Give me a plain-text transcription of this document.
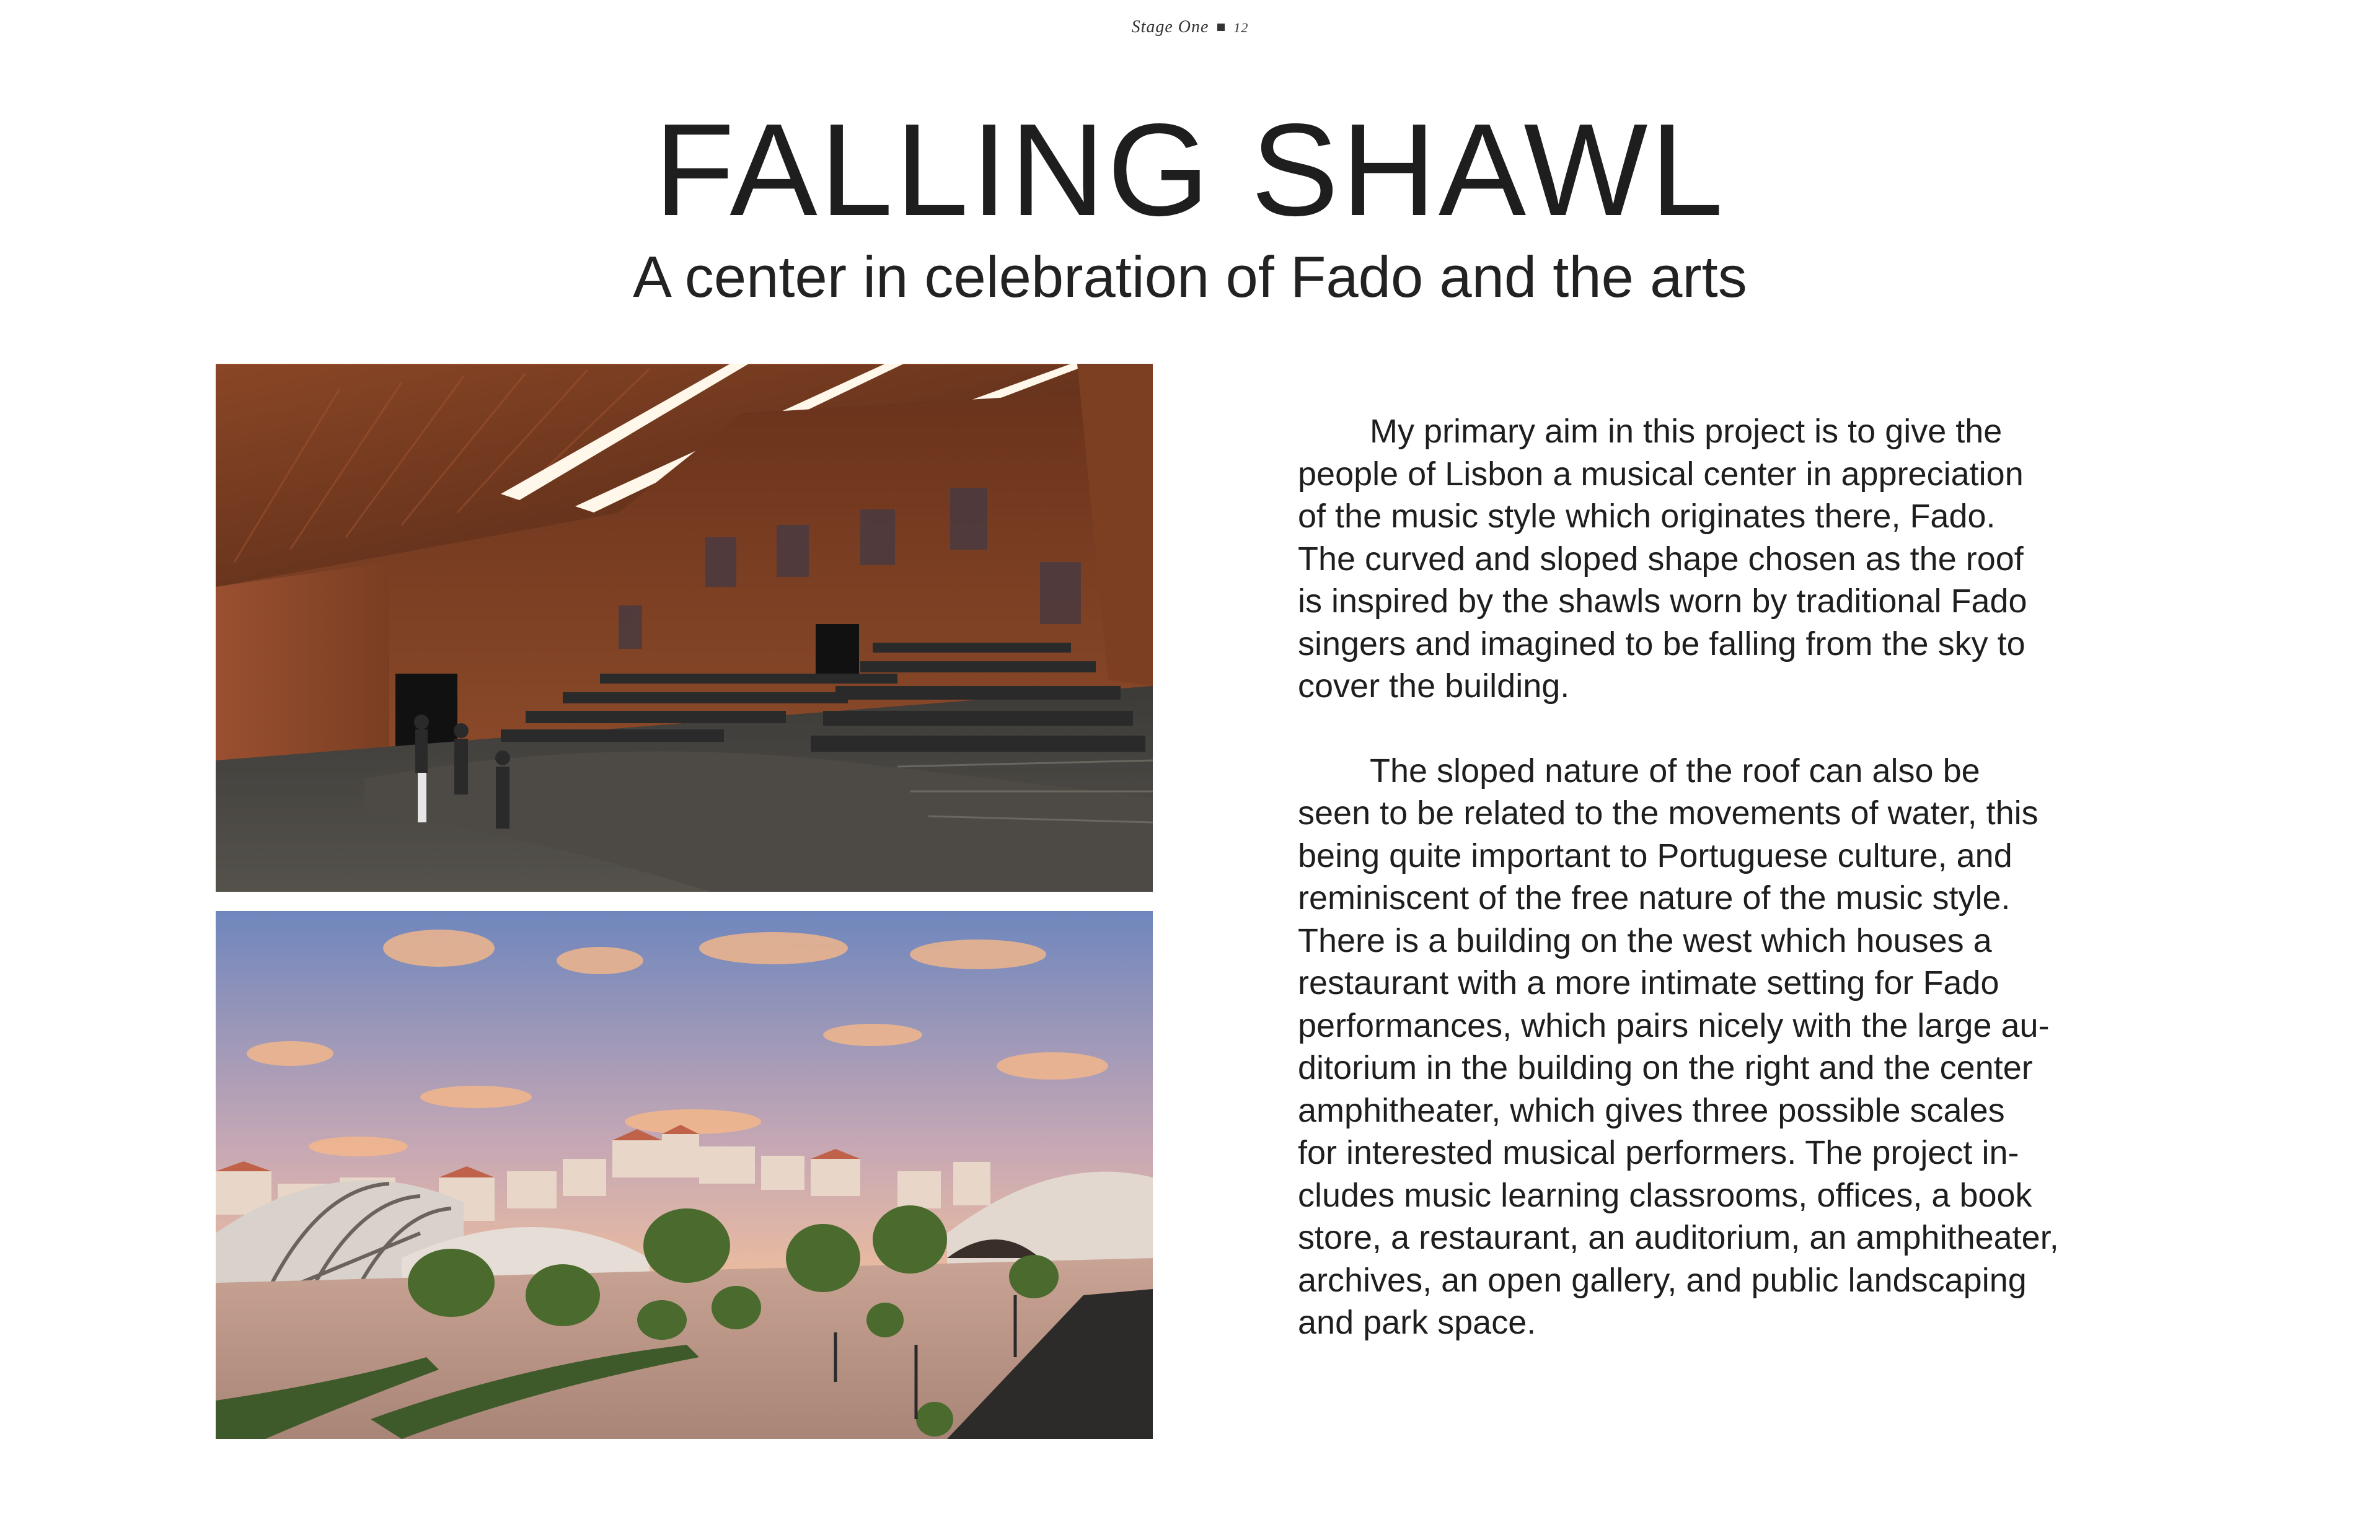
Stage One 12
FALLING SHAWL
A center in celebration of Fado and the arts

My primary aim in this project is to give the
people of Lisbon a musical center in appreciation
of the music style which originates there, Fado.
The curved and sloped shape chosen as the roof
is inspired by the shawls worn by traditional Fado
singers and imagined to be falling from the sky to
cover the building.

The sloped nature of the roof can also be
seen to be related to the movements of water, this
being quite important to Portuguese culture, and
reminiscent of the free nature of the music style.
There is a building on the west which houses a
restaurant with a more intimate setting for Fado
performances, which pairs nicely with the large au-
ditorium in the building on the right and the center
amphitheater, which gives three possible scales
for interested musical performers. The project in-
cludes music learning classrooms, offices, a book
store, a restaurant, an auditorium, an amphitheater,
archives, an open gallery, and public landscaping
and park space.
